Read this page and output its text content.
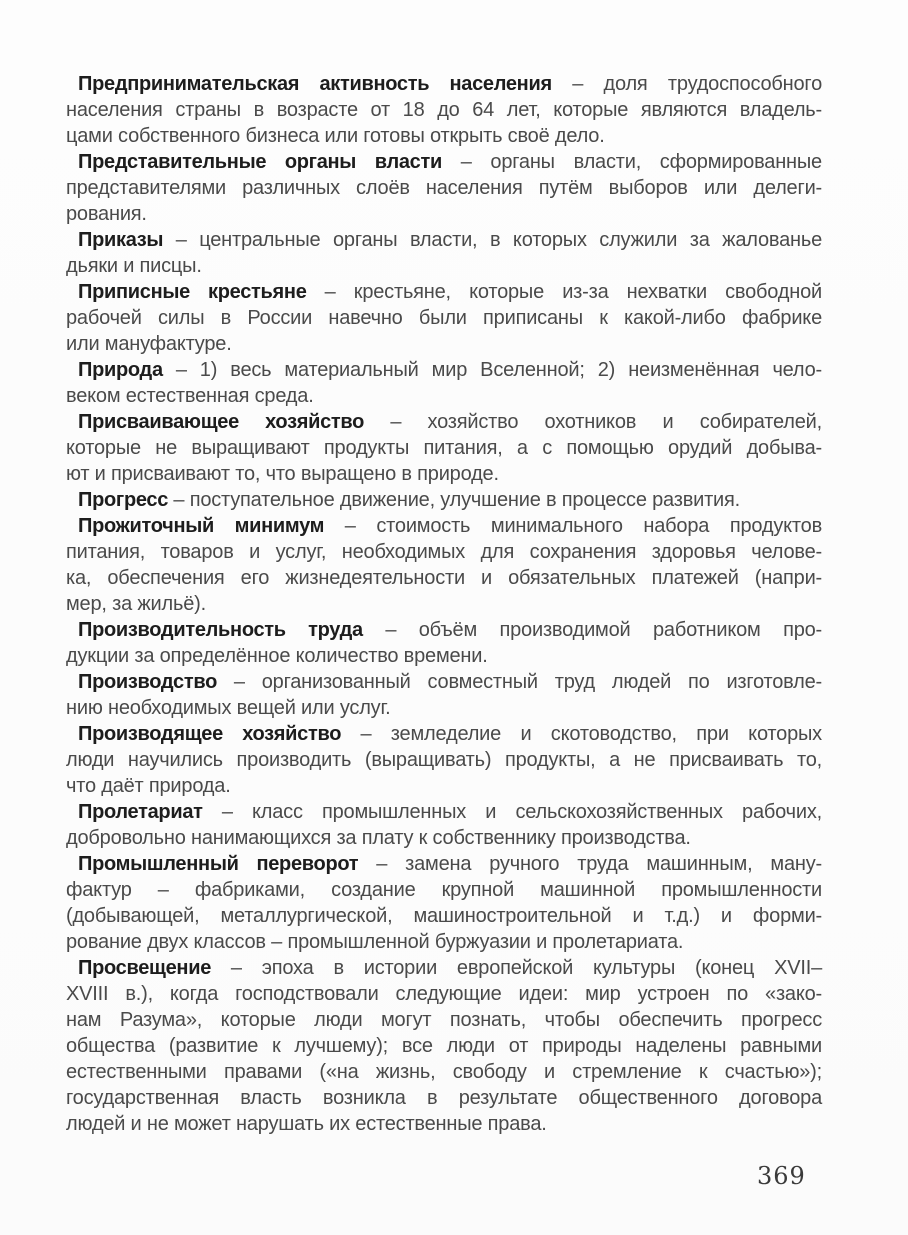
Предпринимательская активность населения – доля трудоспособного
населения страны в возрасте от 18 до 64 лет, которые являются владель-
цами собственного бизнеса или готовы открыть своё дело.
Представительные органы власти – органы власти, сформированные
представителями различных слоёв населения путём выборов или делеги-
рования.
Приказы – центральные органы власти, в которых служили за жалованье
дьяки и писцы.
Приписные крестьяне – крестьяне, которые из-за нехватки свободной
рабочей силы в России навечно были приписаны к какой-либо фабрике
или мануфактуре.
Природа – 1) весь материальный мир Вселенной; 2) неизменённая чело-
веком естественная среда.
Присваивающее хозяйство – хозяйство охотников и собирателей,
которые не выращивают продукты питания, а с помощью орудий добыва-
ют и присваивают то, что выращено в природе.
Прогресс – поступательное движение, улучшение в процессе развития.
Прожиточный минимум – стоимость минимального набора продуктов
питания, товаров и услуг, необходимых для сохранения здоровья челове-
ка, обеспечения его жизнедеятельности и обязательных платежей (напри-
мер, за жильё).
Производительность труда – объём производимой работником про-
дукции за определённое количество времени.
Производство – организованный совместный труд людей по изготовле-
нию необходимых вещей или услуг.
Производящее хозяйство – земледелие и скотоводство, при которых
люди научились производить (выращивать) продукты, а не присваивать то,
что даёт природа.
Пролетариат – класс промышленных и сельскохозяйственных рабочих,
добровольно нанимающихся за плату к собственнику производства.
Промышленный переворот – замена ручного труда машинным, ману-
фактур – фабриками, создание крупной машинной промышленности
(добывающей, металлургической, машиностроительной и т.д.) и форми-
рование двух классов – промышленной буржуазии и пролетариата.
Просвещение – эпоха в истории европейской культуры (конец XVII–
XVIII в.), когда господствовали следующие идеи: мир устроен по «зако-
нам Разума», которые люди могут познать, чтобы обеспечить прогресс
общества (развитие к лучшему); все люди от природы наделены равными
естественными правами («на жизнь, свободу и стремление к счастью»);
государственная власть возникла в результате общественного договора
людей и не может нарушать их естественные права.
369
